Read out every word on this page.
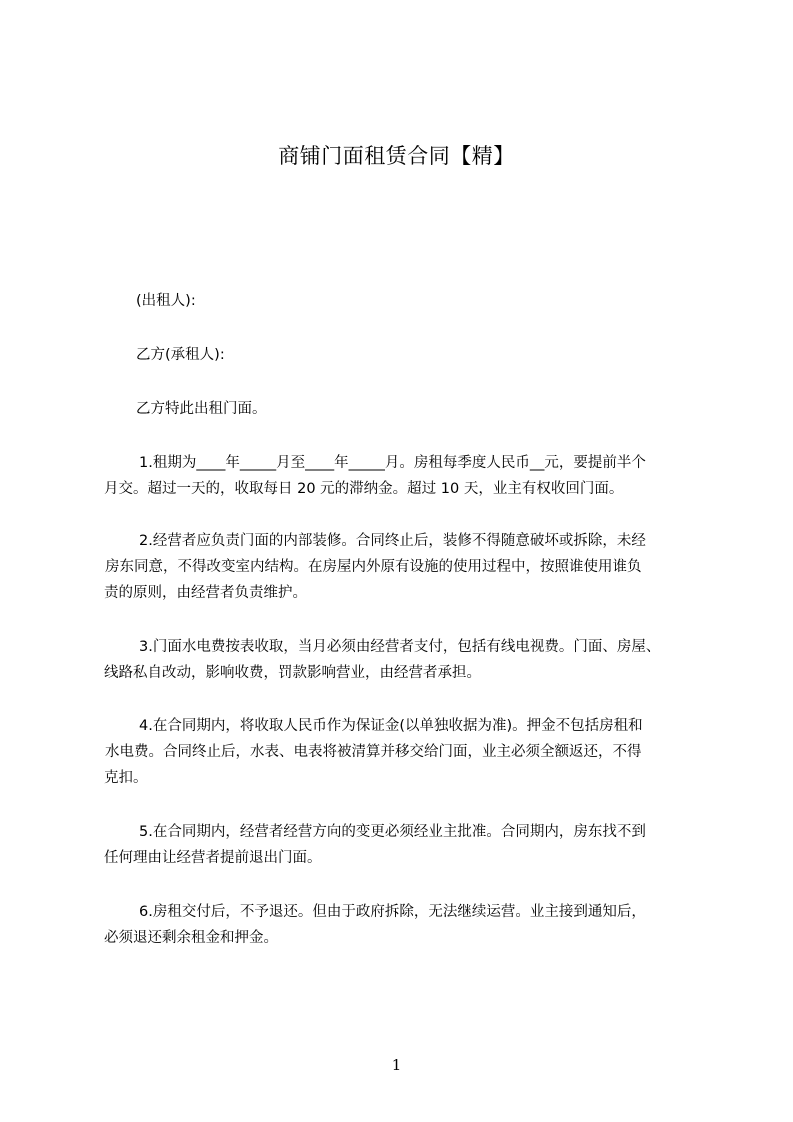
商铺门面租赁合同【精】
(出租人):
乙方(承租人):
乙方特此出租门面。
1.租期为____年_____月至____年_____月。房租每季度人民币__元，要提前半个
月交。超过一天的，收取每日 20 元的滞纳金。超过 10 天，业主有权收回门面。
2.经营者应负责门面的内部装修。合同终止后，装修不得随意破坏或拆除，未经
房东同意，不得改变室内结构。在房屋内外原有设施的使用过程中，按照谁使用谁负
责的原则，由经营者负责维护。
3.门面水电费按表收取，当月必须由经营者支付，包括有线电视费。门面、房屋、
线路私自改动，影响收费，罚款影响营业，由经营者承担。
4.在合同期内，将收取人民币作为保证金(以单独收据为准)。押金不包括房租和
水电费。合同终止后，水表、电表将被清算并移交给门面，业主必须全额返还，不得
克扣。
5.在合同期内，经营者经营方向的变更必须经业主批准。合同期内，房东找不到
任何理由让经营者提前退出门面。
6.房租交付后，不予退还。但由于政府拆除，无法继续运营。业主接到通知后，
必须退还剩余租金和押金。
1
